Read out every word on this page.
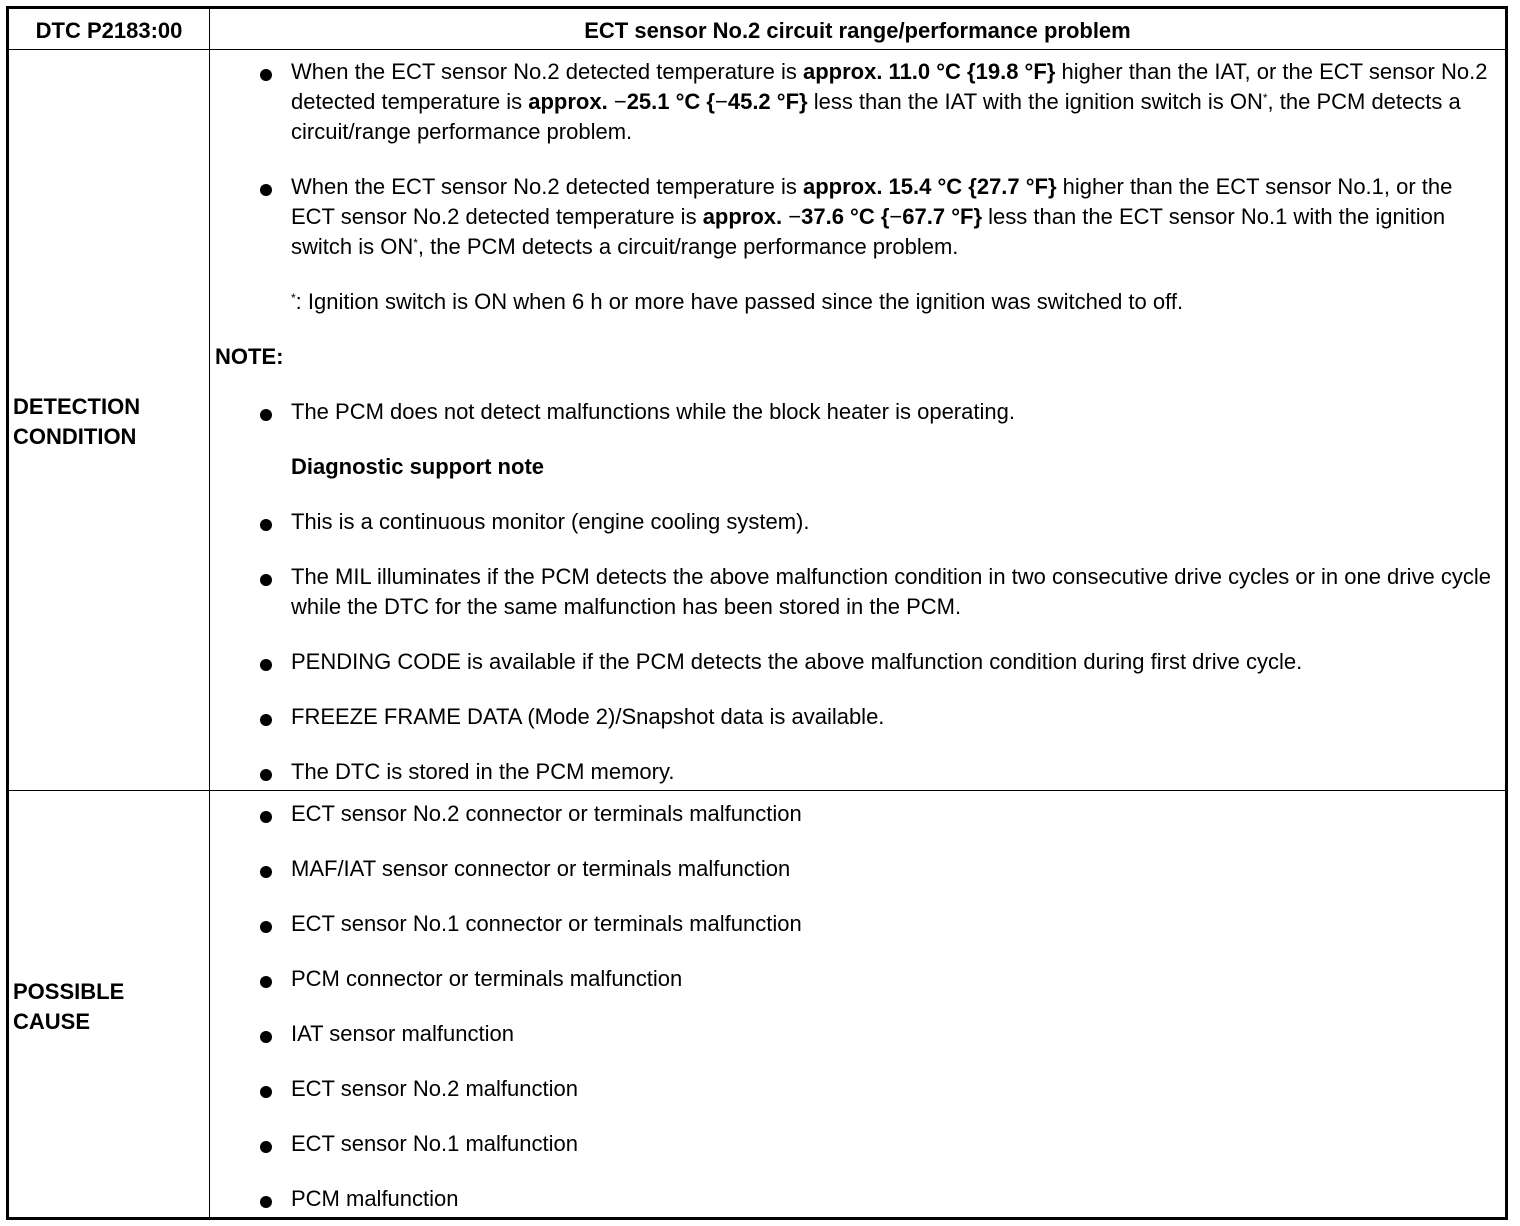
DTC P2183:00	ECT sensor No.2 circuit range/performance problem
DETECTION
CONDITION
When the ECT sensor No.2 detected temperature is approx. 11.0 °C {19.8 °F} higher than the IAT, or the ECT sensor No.2 detected temperature is approx. −25.1 °C {−45.2 °F} less than the IAT with the ignition switch is ON*, the PCM detects a circuit/range performance problem.
When the ECT sensor No.2 detected temperature is approx. 15.4 °C {27.7 °F} higher than the ECT sensor No.1, or the ECT sensor No.2 detected temperature is approx. −37.6 °C {−67.7 °F} less than the ECT sensor No.1 with the ignition switch is ON*, the PCM detects a circuit/range performance problem.
*: Ignition switch is ON when 6 h or more have passed since the ignition was switched to off.
NOTE:
The PCM does not detect malfunctions while the block heater is operating.
Diagnostic support note
This is a continuous monitor (engine cooling system).
The MIL illuminates if the PCM detects the above malfunction condition in two consecutive drive cycles or in one drive cycle while the DTC for the same malfunction has been stored in the PCM.
PENDING CODE is available if the PCM detects the above malfunction condition during first drive cycle.
FREEZE FRAME DATA (Mode 2)/Snapshot data is available.
The DTC is stored in the PCM memory.
POSSIBLE
CAUSE
ECT sensor No.2 connector or terminals malfunction
MAF/IAT sensor connector or terminals malfunction
ECT sensor No.1 connector or terminals malfunction
PCM connector or terminals malfunction
IAT sensor malfunction
ECT sensor No.2 malfunction
ECT sensor No.1 malfunction
PCM malfunction
